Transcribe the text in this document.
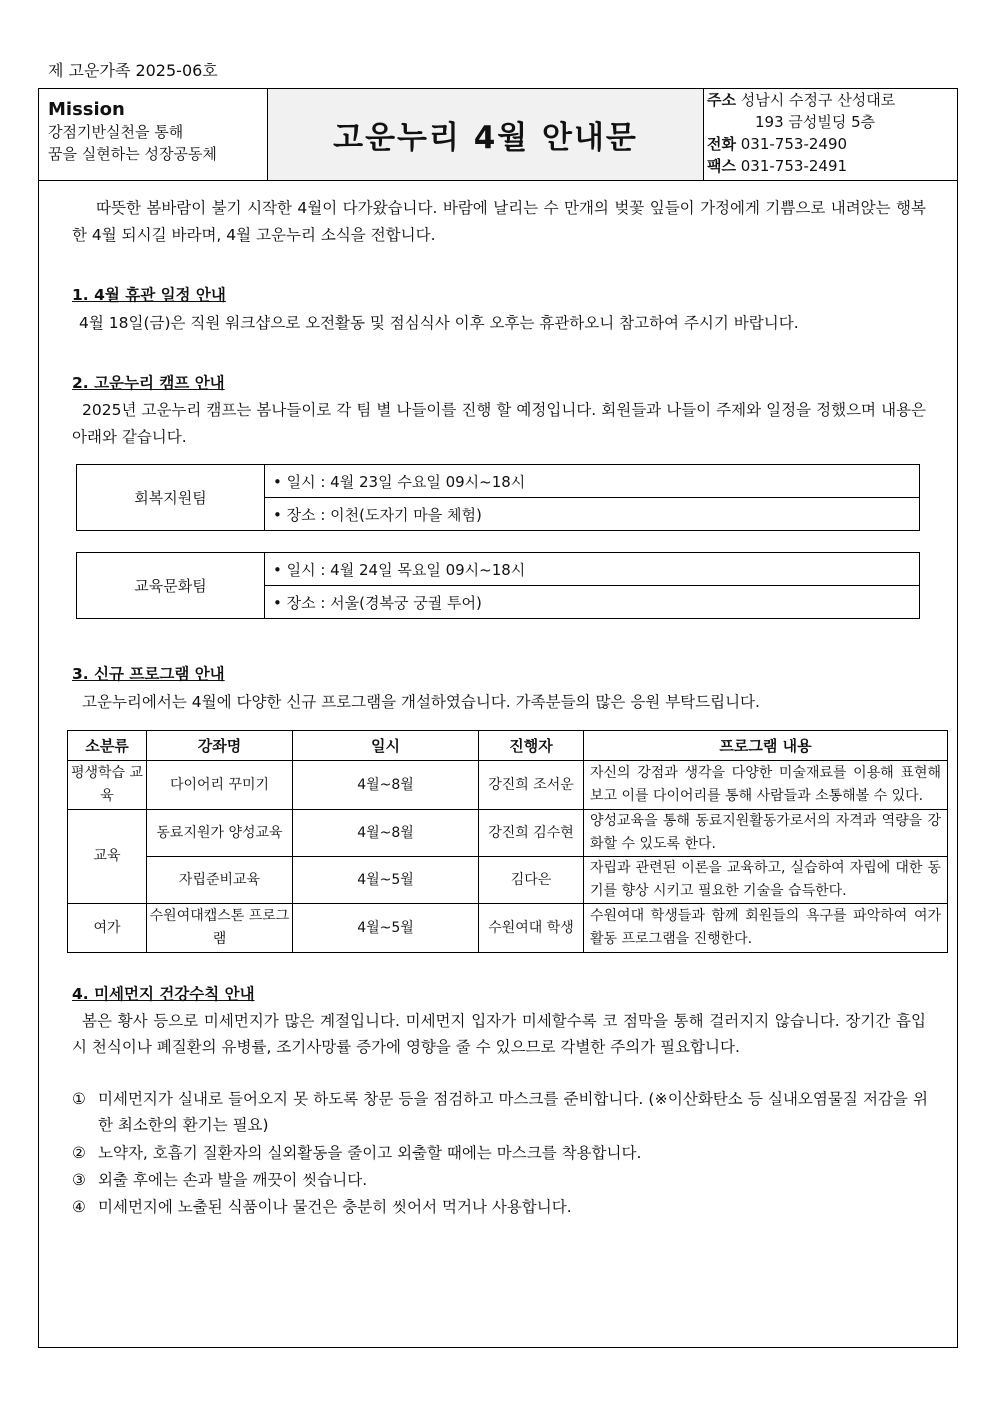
제 고운가족 2025-06호
Mission
강점기반실천을 통해
꿈을 실현하는 성장공동체	고운누리 4월 안내문
주소 성남시 수정구 산성대로
193 금성빌딩 5층
전화 031-753-2490
팩스 031-753-2491
따뜻한 봄바람이 불기 시작한 4월이 다가왔습니다. 바람에 날리는 수 만개의 벚꽃 잎들이 가정에게 기쁨으로 내려앉는 행복한 4월 되시길 바라며, 4월 고운누리 소식을 전합니다.
1. 4월 휴관 일정 안내
4월 18일(금)은 직원 워크샵으로 오전활동 및 점심식사 이후 오후는 휴관하오니 참고하여 주시기 바랍니다.
2. 고운누리 캠프 안내
2025년 고운누리 캠프는 봄나들이로 각 팀 별 나들이를 진행 할 예정입니다. 회원들과 나들이 주제와 일정을 정했으며 내용은 아래와 같습니다.
회복지원팀	• 일시 : 4월 23일 수요일 09시~18시
• 장소 : 이천(도자기 마을 체험)
교육문화팀	• 일시 : 4월 24일 목요일 09시~18시
• 장소 : 서울(경복궁 궁궐 투어)
3. 신규 프로그램 안내
고운누리에서는 4월에 다양한 신규 프로그램을 개설하였습니다. 가족분들의 많은 응원 부탁드립니다.
소분류	강좌명	일시	진행자	프로그램 내용
평생학습 교육	다이어리 꾸미기	4월~8월	강진희 조서운	자신의 강점과 생각을 다양한 미술재료를 이용해 표현해보고 이를 다이어리를 통해 사람들과 소통해볼 수 있다.
교육	동료지원가 양성교육	4월~8월	강진희 김수현	양성교육을 통해 동료지원활동가로서의 자격과 역량을 강화할 수 있도록 한다.
	자립준비교육	4월~5월	김다은	자립과 관련된 이론을 교육하고, 실습하여 자립에 대한 동기를 향상 시키고 필요한 기술을 습득한다.
여가	수원여대캡스톤 프로그램	4월~5월	수원여대 학생	수원여대 학생들과 함께 회원들의 욕구를 파악하여 여가활동 프로그램을 진행한다.
4. 미세먼지 건강수칙 안내
봄은 황사 등으로 미세먼지가 많은 계절입니다. 미세먼지 입자가 미세할수록 코 점막을 통해 걸러지지 않습니다. 장기간 흡입 시 천식이나 폐질환의 유병률, 조기사망률 증가에 영향을 줄 수 있으므로 각별한 주의가 필요합니다.
① 미세먼지가 실내로 들어오지 못 하도록 창문 등을 점검하고 마스크를 준비합니다. (※이산화탄소 등 실내오염물질 저감을 위한 최소한의 환기는 필요)
② 노약자, 호흡기 질환자의 실외활동을 줄이고 외출할 때에는 마스크를 착용합니다.
③ 외출 후에는 손과 발을 깨끗이 씻습니다.
④ 미세먼지에 노출된 식품이나 물건은 충분히 씻어서 먹거나 사용합니다.
